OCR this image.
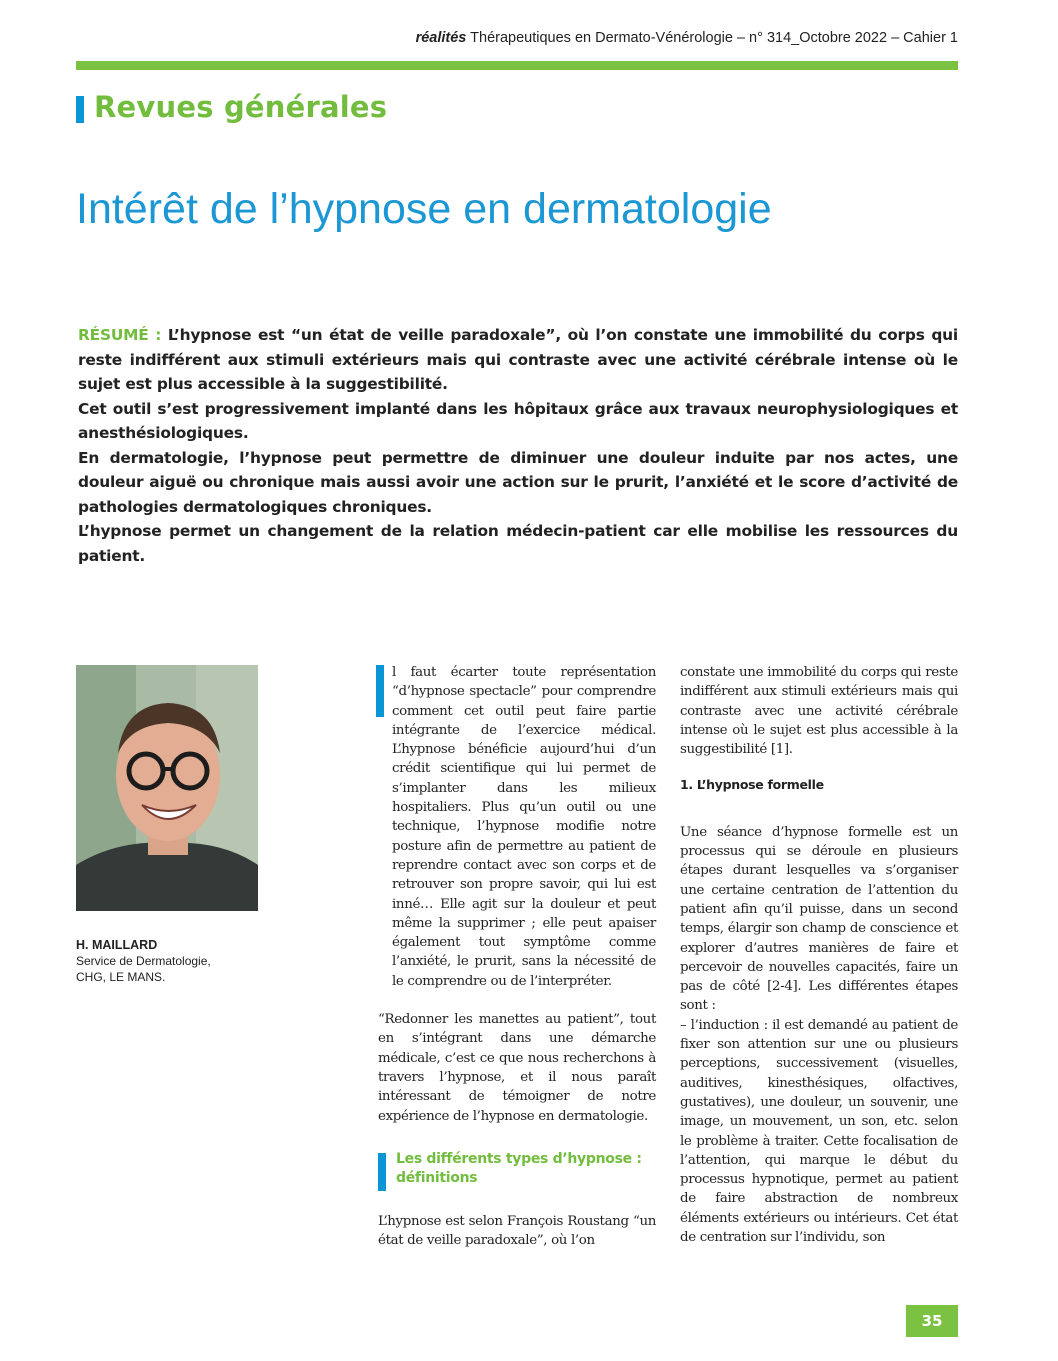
réalités Thérapeutiques en Dermato-Vénérologie – n° 314_Octobre 2022 – Cahier 1
Revues générales
Intérêt de l’hypnose en dermatologie

RÉSUMÉ : L’hypnose est “un état de veille paradoxale”, où l’on constate une immobilité du corps qui reste indifférent aux stimuli extérieurs mais qui contraste avec une activité cérébrale intense où le sujet est plus accessible à la suggestibilité.

Cet outil s’est progressivement implanté dans les hôpitaux grâce aux travaux neurophysiologiques et anesthésiologiques.

En dermatologie, l’hypnose peut permettre de diminuer une douleur induite par nos actes, une douleur aiguë ou chronique mais aussi avoir une action sur le prurit, l’anxiété et le score d’activité de pathologies dermatologiques chroniques.

L’hypnose permet un changement de la relation médecin-patient car elle mobilise les ressources du patient.

H. MAILLARD
Service de Dermatologie,
CHG, LE MANS.

l faut écarter toute représentation “d’hypnose spectacle” pour comprendre comment cet outil peut faire partie intégrante de l’exercice médical. L’hypnose bénéficie aujourd’hui d’un crédit scientifique qui lui permet de s’implanter dans les milieux hospitaliers. Plus qu’un outil ou une technique, l’hypnose modifie notre posture afin de permettre au patient de reprendre contact avec son corps et de retrouver son propre savoir, qui lui est inné… Elle agit sur la douleur et peut même la supprimer ; elle peut apaiser également tout symptôme comme l’anxiété, le prurit, sans la nécessité de le comprendre ou de l’interpréter.

“Redonner les manettes au patient”, tout en s’intégrant dans une démarche médicale, c’est ce que nous recherchons à travers l’hypnose, et il nous paraît intéressant de témoigner de notre expérience de l’hypnose en dermatologie.

Les différents types d’hypnose : définitions

L’hypnose est selon François Roustang “un état de veille paradoxale”, où l’on

constate une immobilité du corps qui reste indifférent aux stimuli extérieurs mais qui contraste avec une activité cérébrale intense où le sujet est plus accessible à la suggestibilité [1].

1. L’hypnose formelle

Une séance d’hypnose formelle est un processus qui se déroule en plusieurs étapes durant lesquelles va s’organiser une certaine centration de l’attention du patient afin qu’il puisse, dans un second temps, élargir son champ de conscience et explorer d’autres manières de faire et percevoir de nouvelles capacités, faire un pas de côté [2-4]. Les différentes étapes sont :

– l’induction : il est demandé au patient de fixer son attention sur une ou plusieurs perceptions, successivement (visuelles, auditives, kinesthésiques, olfactives, gustatives), une douleur, un souvenir, une image, un mouvement, un son, etc. selon le problème à traiter. Cette focalisation de l’attention, qui marque le début du processus hypnotique, permet au patient de faire abstraction de nombreux éléments extérieurs ou intérieurs. Cet état de centration sur l’individu, son

35
